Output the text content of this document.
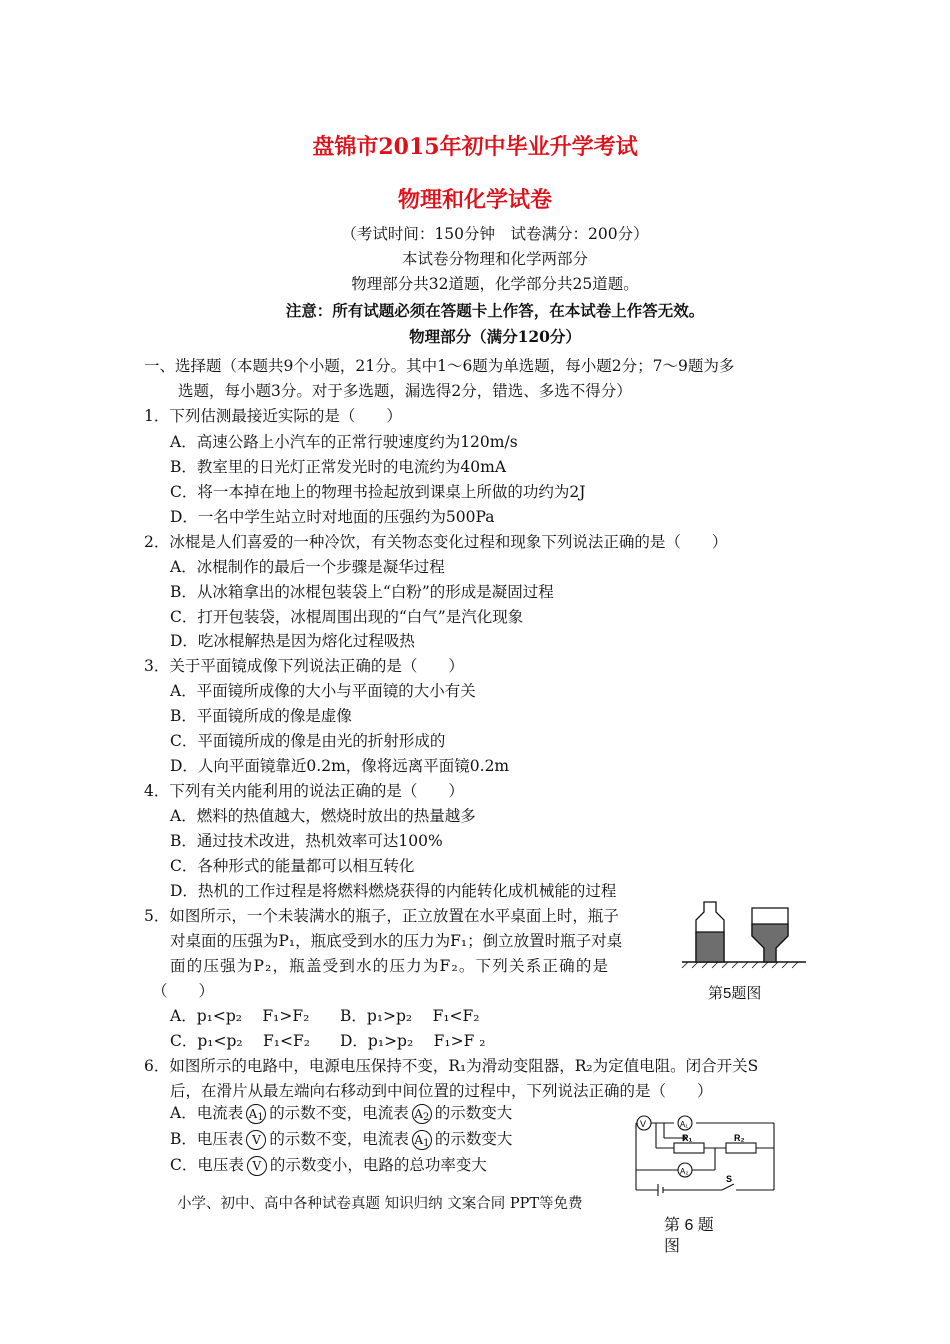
盘锦市2015年初中毕业升学考试
物理和化学试卷
（考试时间：150分钟　试卷满分：200分）
本试卷分物理和化学两部分
物理部分共32道题，化学部分共25道题。
注意：所有试题必须在答题卡上作答，在本试卷上作答无效。
物理部分（满分120分）
一、选择题（本题共9个小题，21分。其中1～6题为单选题，每小题2分；7～9题为多
选题，每小题3分。对于多选题，漏选得2分，错选、多选不得分）
1．下列估测最接近实际的是（　　）
A．高速公路上小汽车的正常行驶速度约为120m/s
B．教室里的日光灯正常发光时的电流约为40mA
C．将一本掉在地上的物理书捡起放到课桌上所做的功约为2J
D．一名中学生站立时对地面的压强约为500Pa
2．冰棍是人们喜爱的一种冷饮，有关物态变化过程和现象下列说法正确的是（　　）
A．冰棍制作的最后一个步骤是凝华过程
B．从冰箱拿出的冰棍包装袋上“白粉”的形成是凝固过程
C．打开包装袋，冰棍周围出现的“白气”是汽化现象
D．吃冰棍解热是因为熔化过程吸热
3．关于平面镜成像下列说法正确的是（　　）
A．平面镜所成像的大小与平面镜的大小有关
B．平面镜所成的像是虚像
C．平面镜所成的像是由光的折射形成的
D．人向平面镜靠近0.2m，像将远离平面镜0.2m
4．下列有关内能利用的说法正确的是（　　）
A．燃料的热值越大，燃烧时放出的热量越多
B．通过技术改进，热机效率可达100%
C．各种形式的能量都可以相互转化
D．热机的工作过程是将燃料燃烧获得的内能转化成机械能的过程
5．如图所示，一个未装满水的瓶子，正立放置在水平桌面上时，瓶子
对桌面的压强为P₁，瓶底受到水的压力为F₁；倒立放置时瓶子对桌
面的压强为P₂，瓶盖受到水的压力为F₂。下列关系正确的是
（　　）
A．p₁<p₂　 F₁>F₂ B．p₁>p₂　 F₁<F₂
C．p₁<p₂　 F₁<F₂ D．p₁>p₂　 F₁>F ₂
第5题图
6．如图所示的电路中，电源电压保持不变，R₁为滑动变阻器，R₂为定值电阻。闭合开关S
后，在滑片从最左端向右移动到中间位置的过程中，下列说法正确的是（　　）
A．电流表 $A_1$ 的示数不变，电流表 $A_2$ 的示数变大
B．电压表 V 的示数不变，电流表 $A_1$ 的示数变大
C．电压表 V 的示数变小，电路的总功率变大
V	A₁
R₁	R₂
A₂
S
小学、初中、高中各种试卷真题 知识归纳 文案合同 PPT等免费
第 6 题
图
